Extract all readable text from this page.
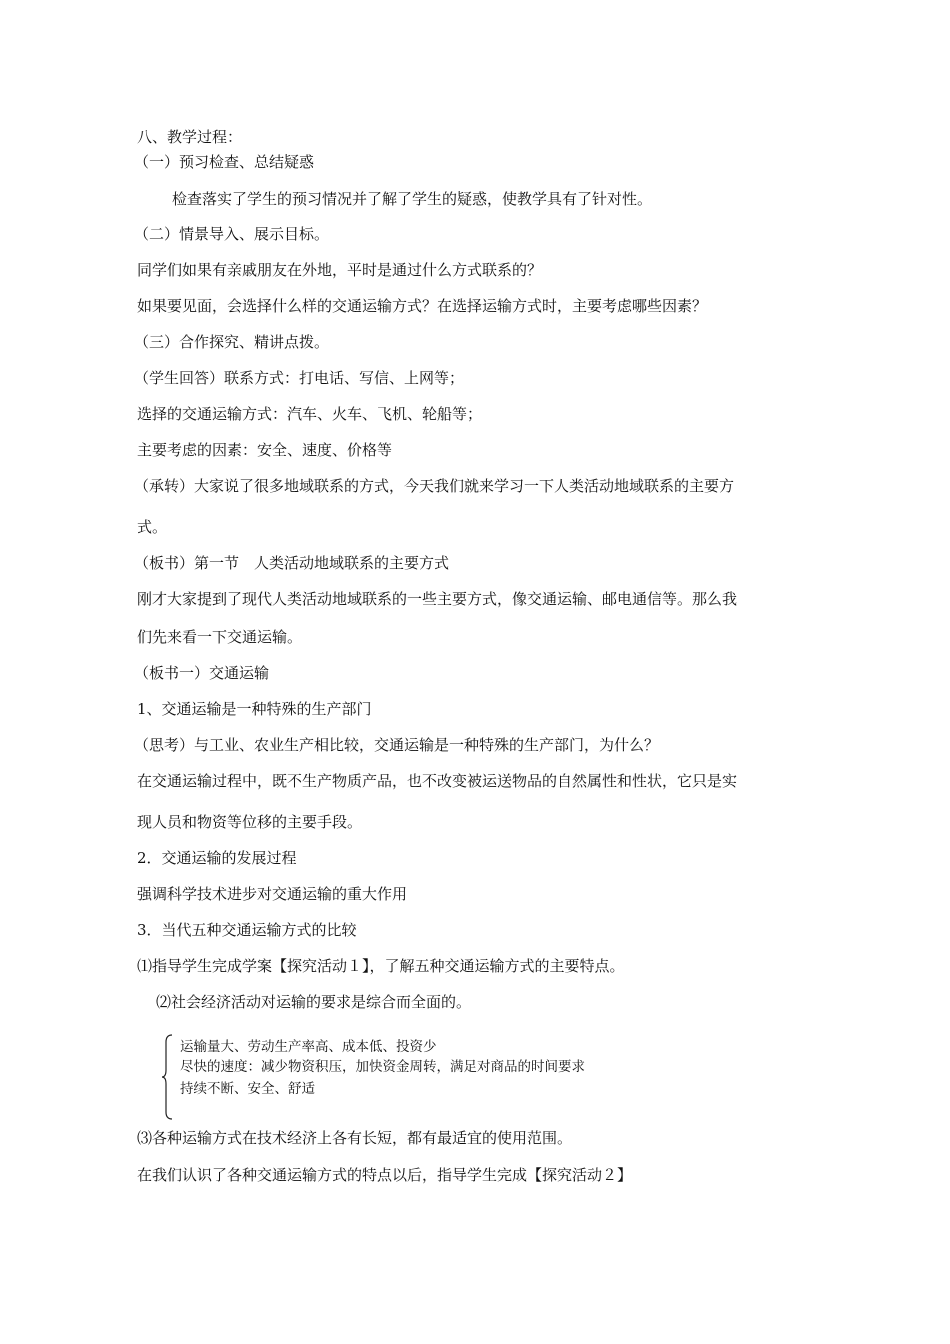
八、教学过程：
（一）预习检查、总结疑惑
检查落实了学生的预习情况并了解了学生的疑惑，使教学具有了针对性。
（二）情景导入、展示目标。
同学们如果有亲戚朋友在外地，平时是通过什么方式联系的？
如果要见面，会选择什么样的交通运输方式？在选择运输方式时，主要考虑哪些因素？
（三）合作探究、精讲点拨。
（学生回答）联系方式：打电话、写信、上网等；
选择的交通运输方式：汽车、火车、飞机、轮船等；
主要考虑的因素：安全、速度、价格等
（承转）大家说了很多地域联系的方式，今天我们就来学习一下人类活动地域联系的主要方
式。
（板书）第一节　人类活动地域联系的主要方式
刚才大家提到了现代人类活动地域联系的一些主要方式，像交通运输、邮电通信等。那么我
们先来看一下交通运输。
（板书一）交通运输
1、交通运输是一种特殊的生产部门
（思考）与工业、农业生产相比较，交通运输是一种特殊的生产部门，为什么？
在交通运输过程中，既不生产物质产品，也不改变被运送物品的自然属性和性状，它只是实
现人员和物资等位移的主要手段。
2．交通运输的发展过程
强调科学技术进步对交通运输的重大作用
3．当代五种交通运输方式的比较
⑴指导学生完成学案【探究活动１】，了解五种交通运输方式的主要特点。
⑵社会经济活动对运输的要求是综合而全面的。
运输量大、劳动生产率高、成本低、投资少
尽快的速度：减少物资积压，加快资金周转，满足对商品的时间要求
持续不断、安全、舒适
⑶各种运输方式在技术经济上各有长短，都有最适宜的使用范围。
在我们认识了各种交通运输方式的特点以后，指导学生完成【探究活动２】
